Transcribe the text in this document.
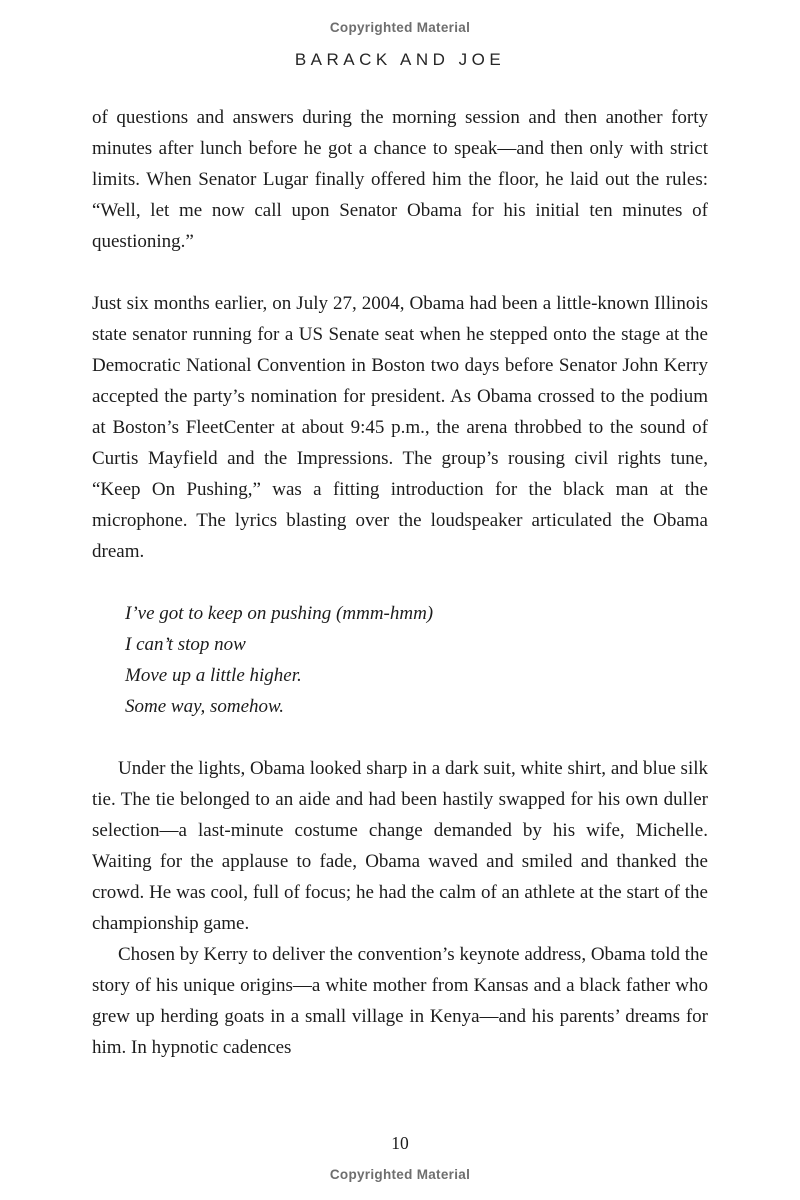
Copyrighted Material
BARACK AND JOE

of questions and answers during the morning session and then another forty minutes after lunch before he got a chance to speak—and then only with strict limits. When Senator Lugar finally offered him the floor, he laid out the rules: “Well, let me now call upon Senator Obama for his initial ten minutes of questioning.”

Just six months earlier, on July 27, 2004, Obama had been a little-known Illinois state senator running for a US Senate seat when he stepped onto the stage at the Democratic National Convention in Boston two days before Senator John Kerry accepted the party’s nomination for president. As Obama crossed to the podium at Boston’s FleetCenter at about 9:45 p.m., the arena throbbed to the sound of Curtis Mayfield and the Impressions. The group’s rousing civil rights tune, “Keep On Pushing,” was a fitting introduction for the black man at the microphone. The lyrics blasting over the loudspeaker articulated the Obama dream.

I’ve got to keep on pushing (mmm-hmm)
I can’t stop now
Move up a little higher.
Some way, somehow.

Under the lights, Obama looked sharp in a dark suit, white shirt, and blue silk tie. The tie belonged to an aide and had been hastily swapped for his own duller selection—a last-minute costume change demanded by his wife, Michelle. Waiting for the applause to fade, Obama waved and smiled and thanked the crowd. He was cool, full of focus; he had the calm of an athlete at the start of the championship game.

Chosen by Kerry to deliver the convention’s keynote address, Obama told the story of his unique origins—a white mother from Kansas and a black father who grew up herding goats in a small village in Kenya—and his parents’ dreams for him. In hypnotic cadences

10
Copyrighted Material
